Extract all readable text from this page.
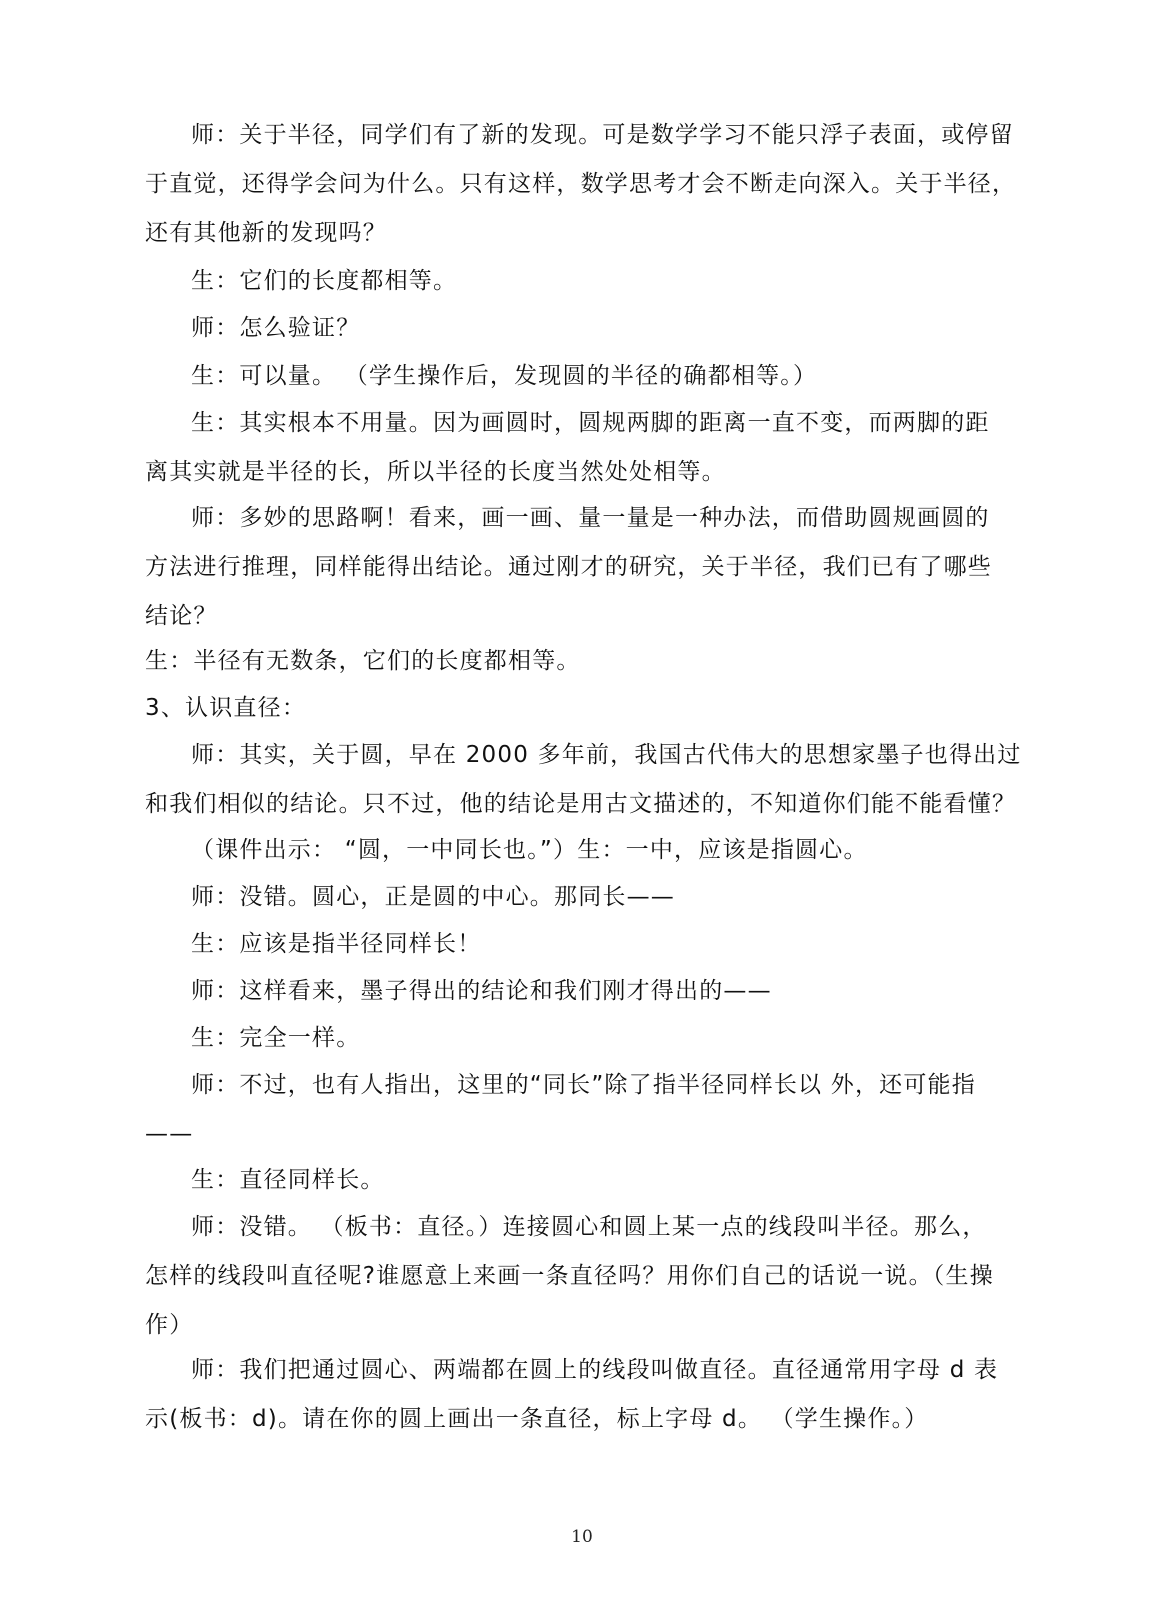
师：关于半径，同学们有了新的发现。可是数学学习不能只浮子表面，或停留
于直觉，还得学会问为什么。只有这样，数学思考才会不断走向深入。关于半径，
还有其他新的发现吗？
生：它们的长度都相等。
师：怎么验证？
生：可以量。 （学生操作后，发现圆的半径的确都相等。）
生：其实根本不用量。因为画圆时，圆规两脚的距离一直不变，而两脚的距
离其实就是半径的长，所以半径的长度当然处处相等。
师：多妙的思路啊！看来，画一画、量一量是一种办法，而借助圆规画圆的
方法进行推理，同样能得出结论。通过刚才的研究，关于半径，我们已有了哪些
结论？
生：半径有无数条，它们的长度都相等。
3、认识直径：
师：其实，关于圆，早在 2000 多年前，我国古代伟大的思想家墨子也得出过
和我们相似的结论。只不过，他的结论是用古文描述的，不知道你们能不能看懂？
（课件出示： “圆，一中同长也。”）生：一中，应该是指圆心。
师：没错。圆心，正是圆的中心。那同长——
生：应该是指半径同样长！
师：这样看来，墨子得出的结论和我们刚才得出的——
生：完全一样。
师：不过，也有人指出，这里的“同长”除了指半径同样长以 外，还可能指
——
生：直径同样长。
师：没错。 （板书：直径。）连接圆心和圆上某一点的线段叫半径。那么，
怎样的线段叫直径呢?谁愿意上来画一条直径吗？用你们自己的话说一说。（生操
作）
师：我们把通过圆心、两端都在圆上的线段叫做直径。直径通常用字母 d 表
示(板书：d)。请在你的圆上画出一条直径，标上字母 d。 （学生操作。）
10
